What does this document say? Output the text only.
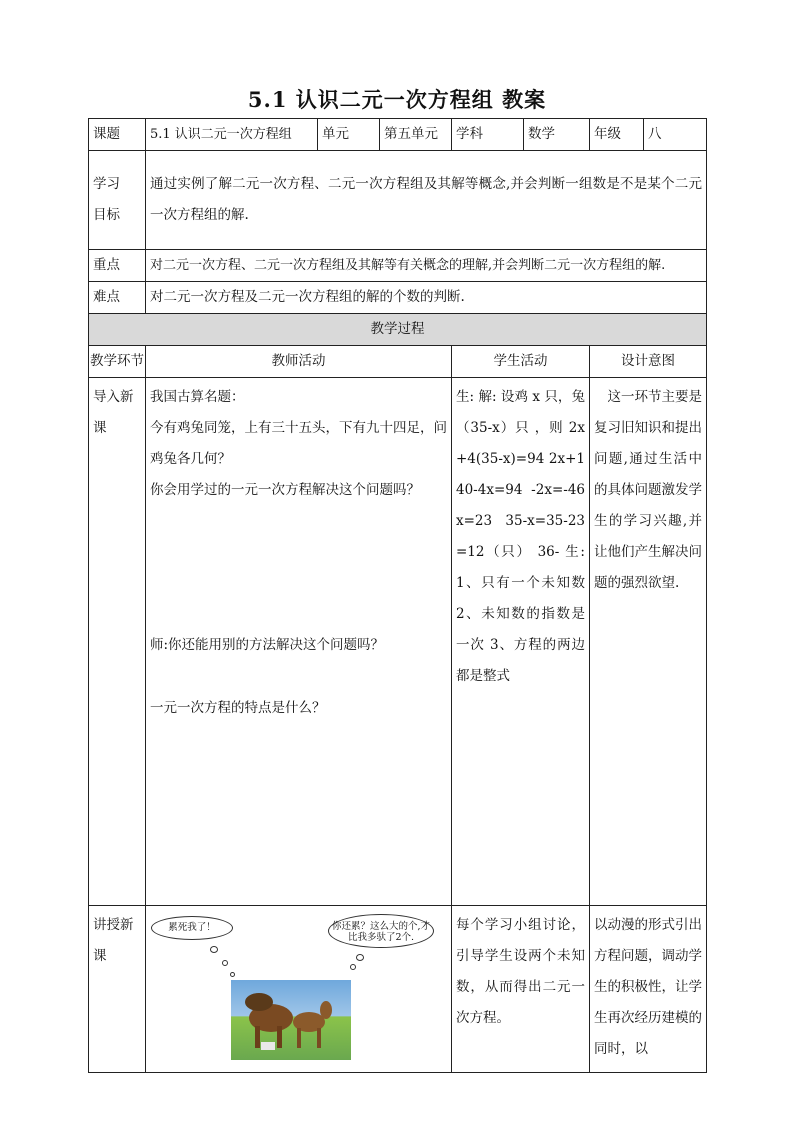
5.1 认识二元一次方程组 教案
课题	5.1 认识二元一次方程组	单元	第五单元	学科	数学	年级	八

学习
目标	通过实例了解二元一次方程、二元一次方程组及其解等概念,并会判断一组数是不是某个二元一次方程组的解.						
重点	对二元一次方程、二元一次方程组及其解等有关概念的理解,并会判断二元一次方程组的解.						
难点	对二元一次方程及二元一次方程组的解的个数的判断.						
教学过程							
教学环节	教师活动			学生活动		设计意图	
导入新课	我国古算名题：

今有鸡兔同笼，上有三十五头，下有九十四足，问鸡兔各几何？

你会用学过的一元一次方程解决这个问题吗？

师:你还能用别的方法解决这个问题吗？

一元一次方程的特点是什么？			生: 解: 设鸡 x 只，兔（35-x）只 ，则 2x+4(35-x)=94 2x+140-4x=94 -2x=-46 x=23 35-x=35-23=12（只） 36- 生: 1、只有一个未知数 2、未知数的指数是一次 3、方程的两边都是整式		这一环节主要是复习旧知识和提出问题,通过生活中的具体问题激发学生的学习兴趣,并让他们产生解决问题的强烈欲望.	
讲授新课	累死我了！ 你还累？这么大的个,才比我多驮了2个.			每个学习小组讨论，引导学生设两个未知数，从而得出二元一次方程。		以动漫的形式引出方程问题，调动学生的积极性，让学生再次经历建模的同时，以	
